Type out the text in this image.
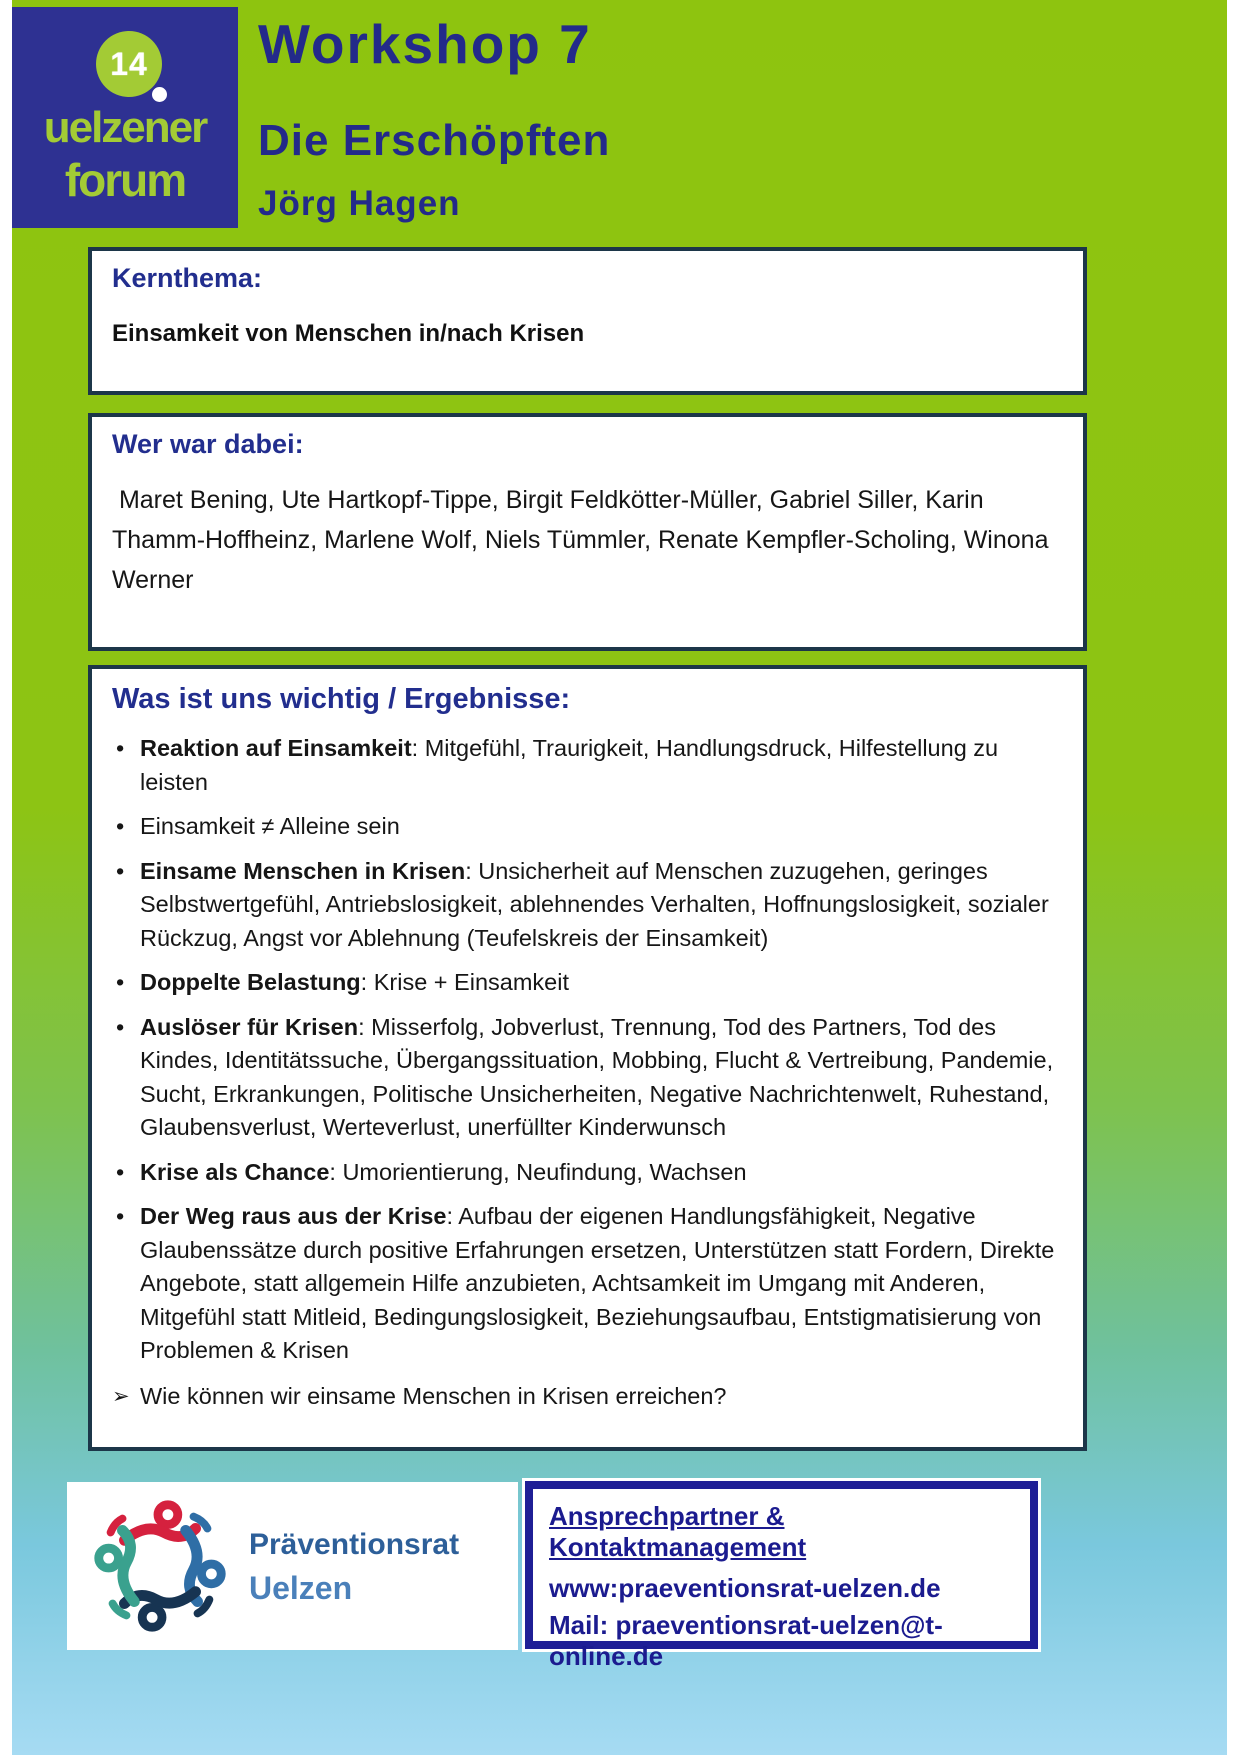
14
uelzener
forum
Workshop 7
Die Erschöpften
Jörg Hagen
Kernthema:
Einsamkeit von Menschen in/nach Krisen
Wer war dabei:
Maret Bening, Ute Hartkopf-Tippe, Birgit Feldkötter-Müller, Gabriel Siller, Karin Thamm-Hoffheinz, Marlene Wolf, Niels Tümmler, Renate Kempfler-Scholing, Winona Werner
Was ist uns wichtig / Ergebnisse:
• Reaktion auf Einsamkeit: Mitgefühl, Traurigkeit, Handlungsdruck, Hilfestellung zu leisten
• Einsamkeit ≠ Alleine sein
• Einsame Menschen in Krisen: Unsicherheit auf Menschen zuzugehen, geringes Selbstwertgefühl, Antriebslosigkeit, ablehnendes Verhalten, Hoffnungslosigkeit, sozialer Rückzug, Angst vor Ablehnung (Teufelskreis der Einsamkeit)
• Doppelte Belastung: Krise + Einsamkeit
• Auslöser für Krisen: Misserfolg, Jobverlust, Trennung, Tod des Partners, Tod des Kindes, Identitätssuche, Übergangssituation, Mobbing, Flucht & Vertreibung, Pandemie, Sucht, Erkrankungen, Politische Unsicherheiten, Negative Nachrichtenwelt, Ruhestand, Glaubensverlust, Werteverlust, unerfüllter Kinderwunsch
• Krise als Chance: Umorientierung, Neufindung, Wachsen
• Der Weg raus aus der Krise: Aufbau der eigenen Handlungsfähigkeit, Negative Glaubenssätze durch positive Erfahrungen ersetzen, Unterstützen statt Fordern, Direkte Angebote, statt allgemein Hilfe anzubieten, Achtsamkeit im Umgang mit Anderen, Mitgefühl statt Mitleid, Bedingungslosigkeit, Beziehungsaufbau, Entstigmatisierung von Problemen & Krisen
➢ Wie können wir einsame Menschen in Krisen erreichen?
Präventionsrat
Uelzen
Ansprechpartner & Kontaktmanagement
www:praeventionsrat-uelzen.de
Mail: praeventionsrat-uelzen@t-online.de
